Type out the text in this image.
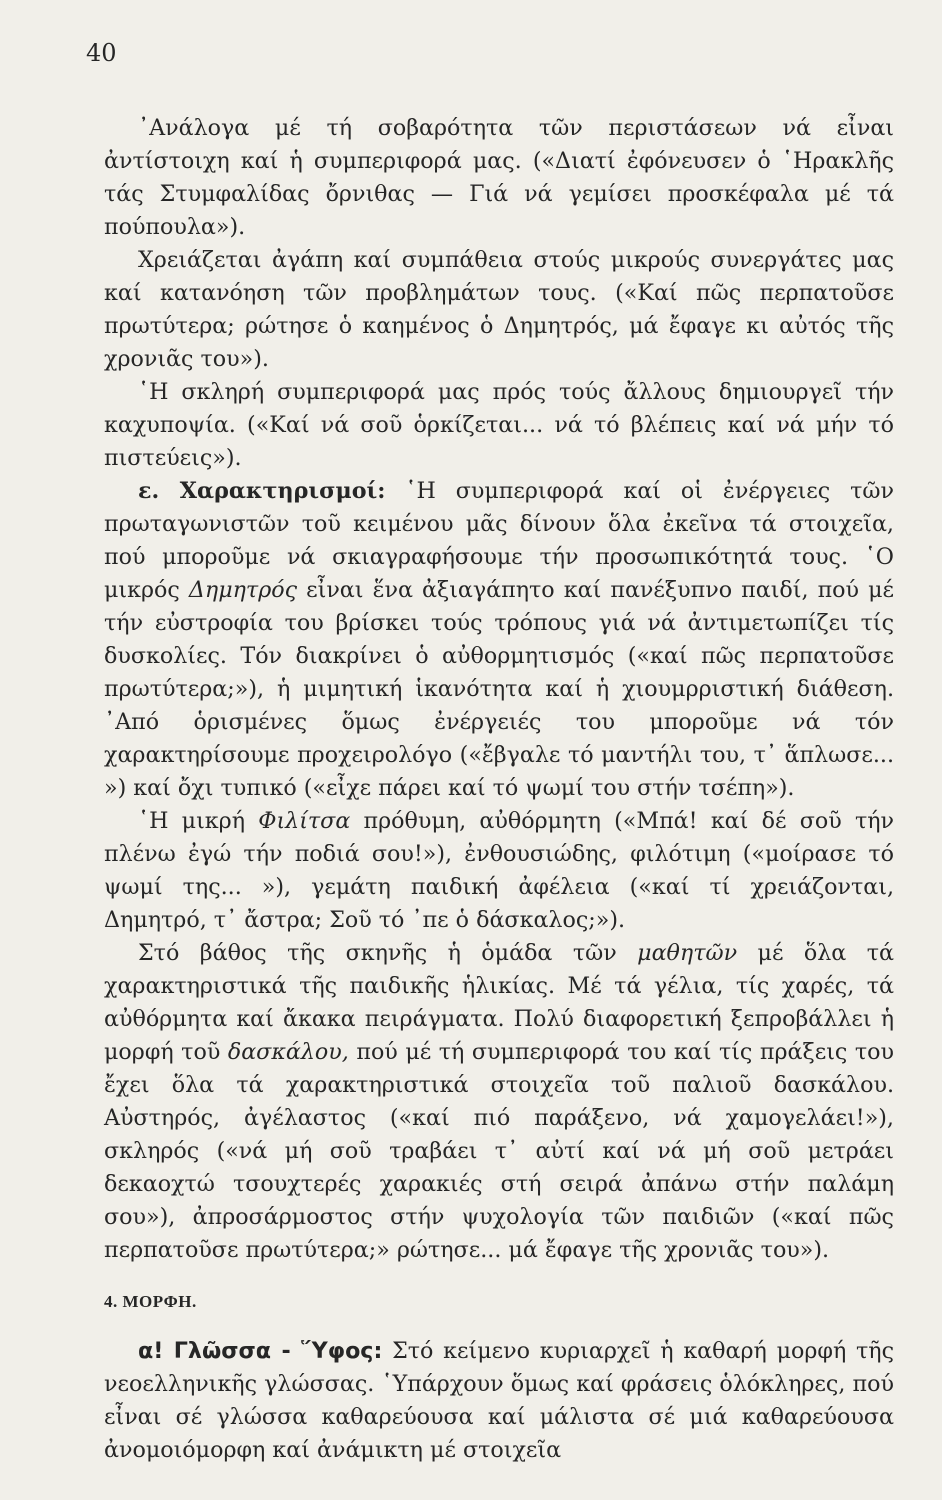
40

᾿Ανάλογα μέ τή σοβαρότητα τῶν περιστάσεων νά εἶναι ἀντίστοιχη καί ἡ συμπεριφορά μας. («Διατί ἐφόνευσεν ὁ ῾Ηρακλῆς τάς Στυμφαλίδας ὄρνιθας — Γιά νά γεμίσει προσκέφαλα μέ τά πούπουλα»).

Χρειάζεται ἀγάπη καί συμπάθεια στούς μικρούς συνεργάτες μας καί κατανόηση τῶν προβλημάτων τους. («Καί πῶς περπατοῦσε πρωτύτερα; ρώτησε ὁ καημένος ὁ Δημητρός, μά ἔφαγε κι αὐτός τῆς χρονιᾶς του»).

῾Η σκληρή συμπεριφορά μας πρός τούς ἄλλους δημιουργεῖ τήν καχυποψία. («Καί νά σοῦ ὁρκίζεται... νά τό βλέπεις καί νά μήν τό πιστεύεις»).

ε. Χαρακτηρισμοί: ῾Η συμπεριφορά καί οἱ ἐνέργειες τῶν πρωταγωνιστῶν τοῦ κειμένου μᾶς δίνουν ὅλα ἐκεῖνα τά στοιχεῖα, πού μποροῦμε νά σκιαγραφήσουμε τήν προσωπικότητά τους. ῾Ο μικρός Δημητρός εἶναι ἕνα ἀξιαγάπητο καί πανέξυπνο παιδί, πού μέ τήν εὐστροφία του βρίσκει τούς τρόπους γιά νά ἀντιμετωπίζει τίς δυσκολίες. Τόν διακρίνει ὁ αὐθορμητισμός («καί πῶς περπατοῦσε πρωτύτερα;»), ἡ μιμητική ἱκανότητα καί ἡ χιουμρριστική διάθεση. ᾿Από ὁρισμένες ὅμως ἐνέργειές του μποροῦμε νά τόν χαρακτηρίσουμε προχειρολόγο («ἔβγαλε τό μαντήλι του, τ᾿ ἅπλωσε... ») καί ὄχι τυπικό («εἶχε πάρει καί τό ψωμί του στήν τσέπη»).

῾Η μικρή Φιλίτσα πρόθυμη, αὐθόρμητη («Μπά! καί δέ σοῦ τήν πλένω ἐγώ τήν ποδιά σου!»), ἐνθουσιώδης, φιλότιμη («μοίρασε τό ψωμί της... »), γεμάτη παιδική ἀφέλεια («καί τί χρειάζονται, Δημητρό, τ᾿ ἄστρα; Σοῦ τό ᾿πε ὁ δάσκαλος;»).

Στό βάθος τῆς σκηνῆς ἡ ὁμάδα τῶν μαθητῶν μέ ὅλα τά χαρακτηριστικά τῆς παιδικῆς ἡλικίας. Μέ τά γέλια, τίς χαρές, τά αὐθόρμητα καί ἄκακα πειράγματα. Πολύ διαφορετική ξεπροβάλλει ἡ μορφή τοῦ δασκάλου, πού μέ τή συμπεριφορά του καί τίς πράξεις του ἔχει ὅλα τά χαρακτηριστικά στοιχεῖα τοῦ παλιοῦ δασκάλου. Αὐστηρός, ἀγέλαστος («καί πιό παράξενο, νά χαμογελάει!»), σκληρός («νά μή σοῦ τραβάει τ᾿ αὐτί καί νά μή σοῦ μετράει δεκαοχτώ τσουχτερές χαρακιές στή σειρά ἀπάνω στήν παλάμη σου»), ἀπροσάρμοστος στήν ψυχολογία τῶν παιδιῶν («καί πῶς περπατοῦσε πρωτύτερα;» ρώτησε... μά ἔφαγε τῆς χρονιᾶς του»).

4. ΜΟΡΦΗ.

α! Γλῶσσα - Ὕφος: Στό κείμενο κυριαρχεῖ ἡ καθαρή μορφή τῆς νεοελληνικῆς γλώσσας. ῾Υπάρχουν ὅμως καί φράσεις ὁλόκληρες, πού εἶναι σέ γλώσσα καθαρεύουσα καί μάλιστα σέ μιά καθαρεύουσα ἀνομοιόμορφη καί ἀνάμικτη μέ στοιχεῖα
